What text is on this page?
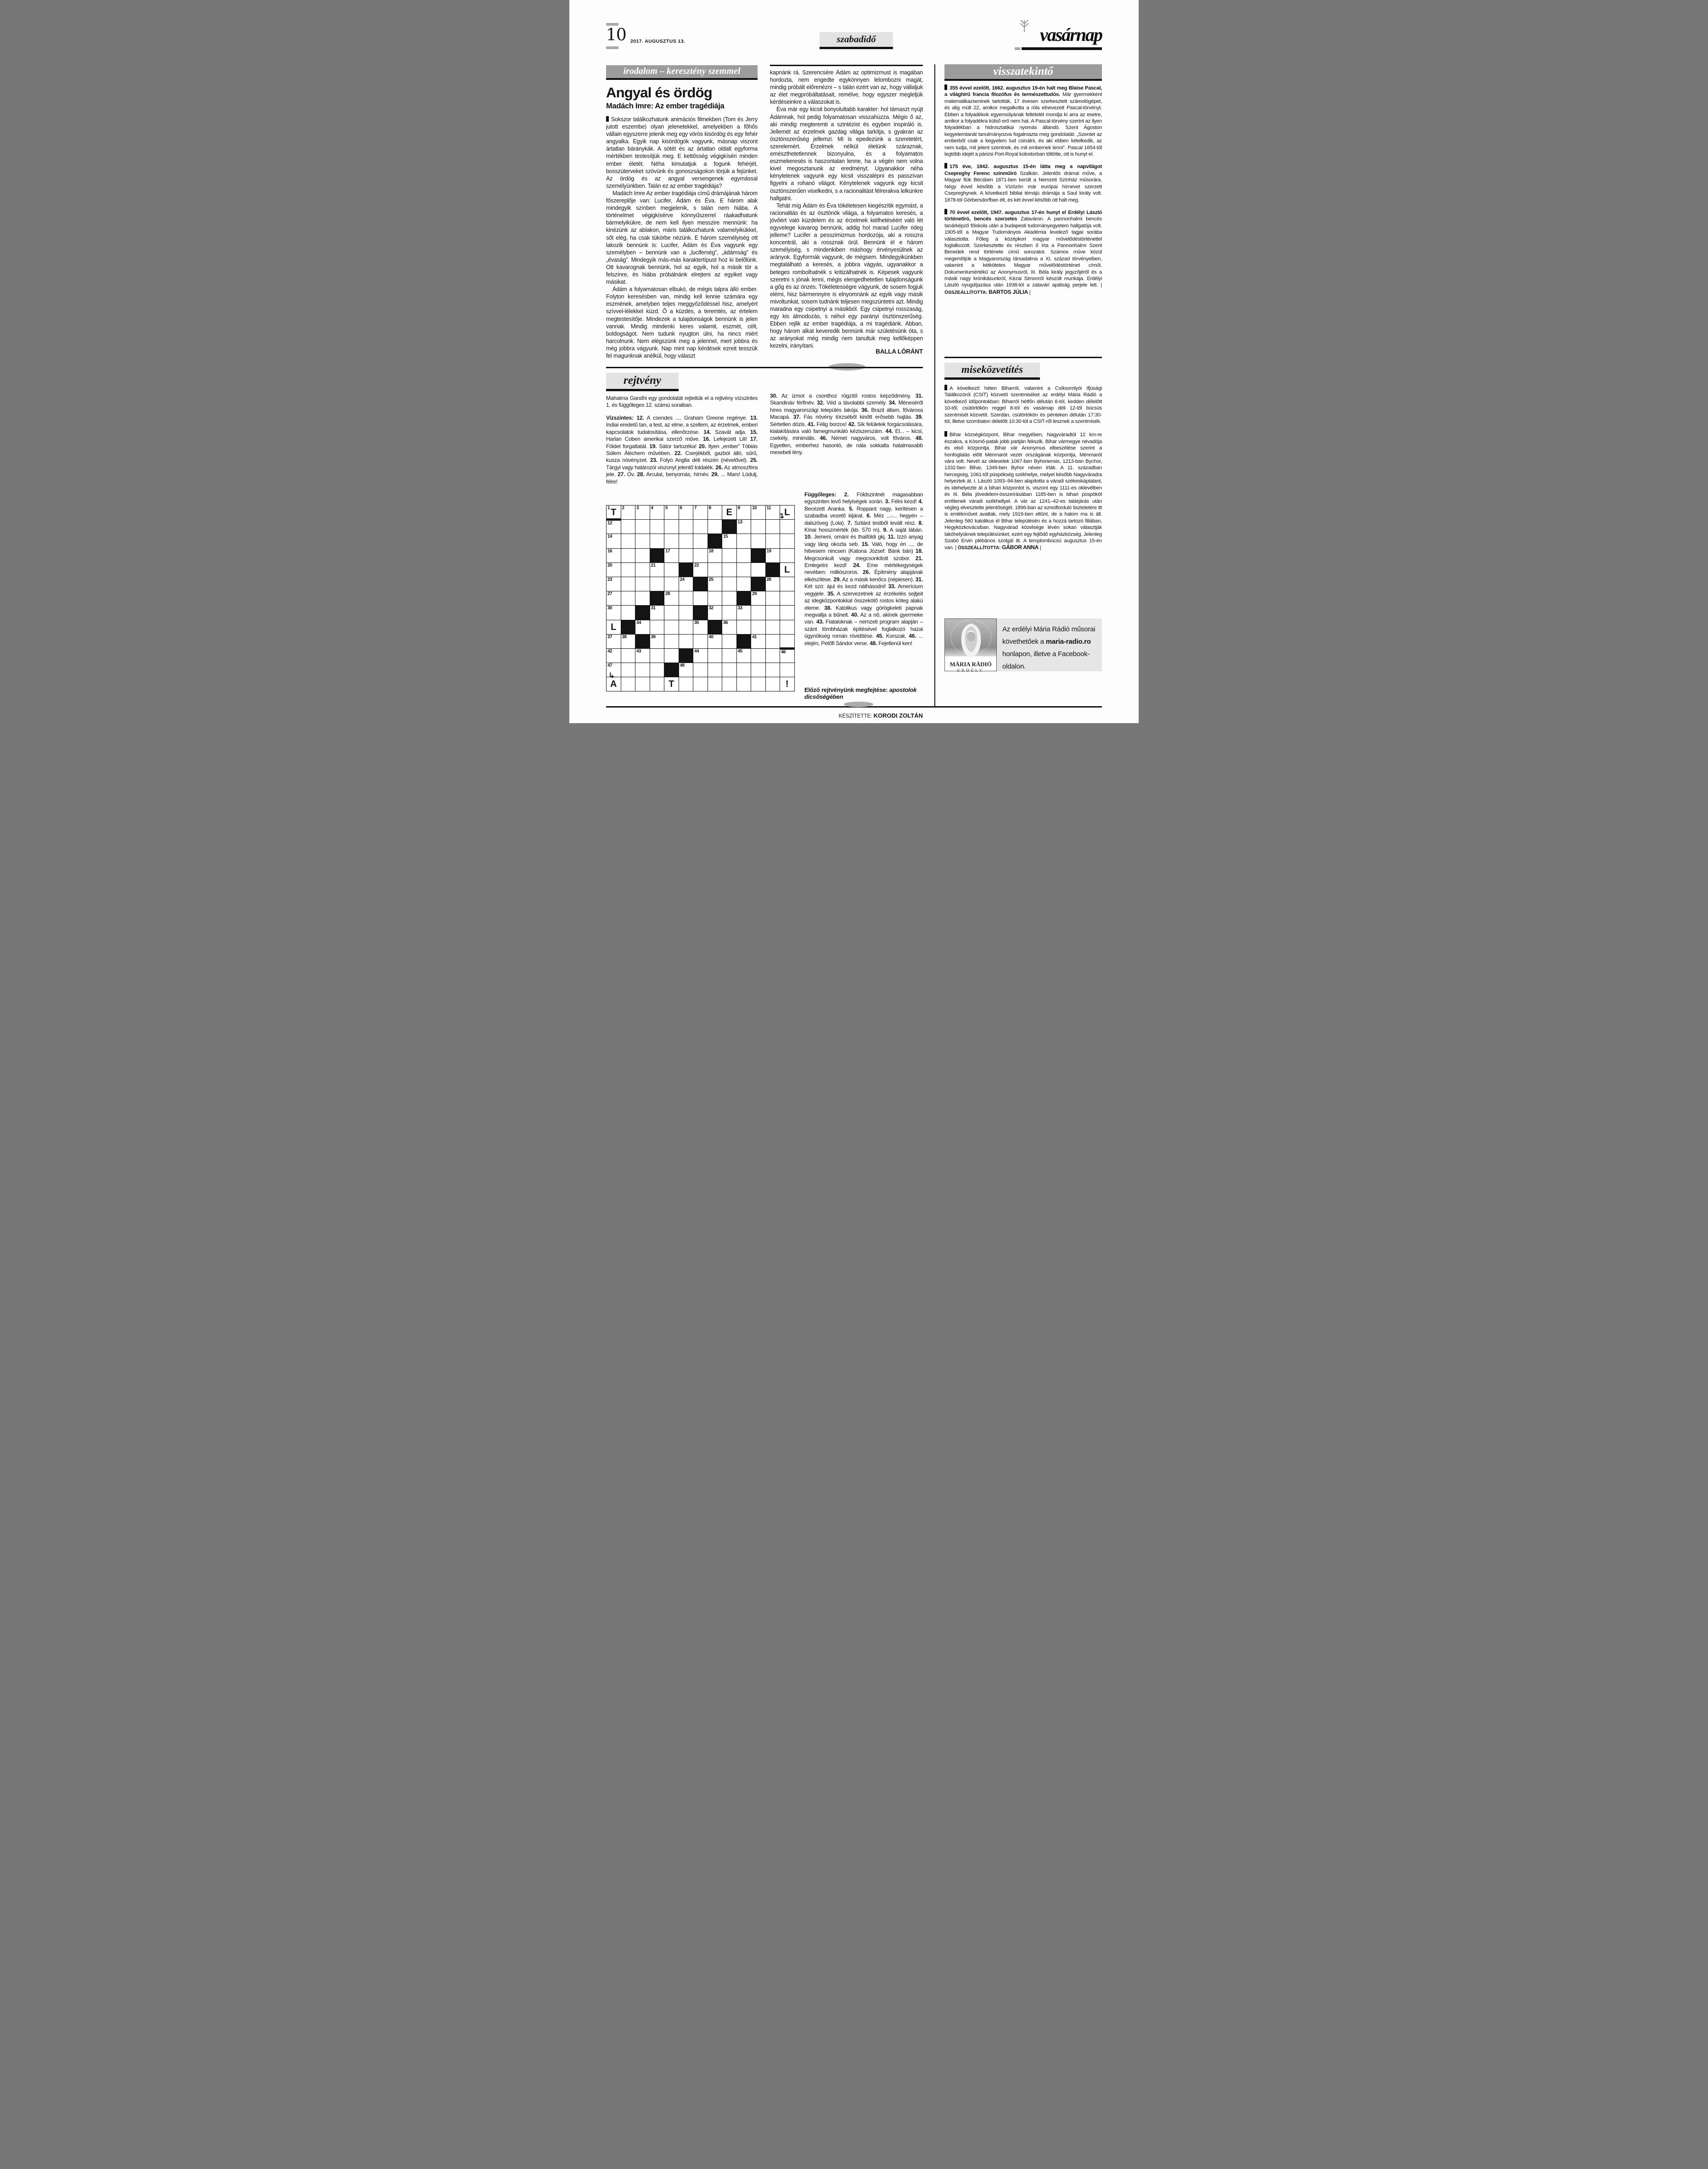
10 2017. AUGUSZTUS 13.	szabadidő	vasárnap
irodalom – keresztény szemmel
Angyal és ördög
Madách Imre: Az ember tragédiája

Sokszor találkozhatunk animációs filmekben (Tom és Jerry jutott eszembe) olyan jelenetekkel, amelyekben a főhős vállain egyszerre jelenik meg egy vörös kisördög és egy fehér angyalka. Egyik nap kisördögök vagyunk, másnap viszont ártatlan báránykák. A sötét és az ártatlan oldalt egyforma mértékben testesítjük meg. E kettősség végigkíséri minden ember életét. Néha kimutatjuk a fogunk fehérjét, bosszúterveket szövünk és gonoszságokon törjük a fejünket. Az ördög és az angyal versengenek egymással személyünkben. Talán ez az ember tragédiája?

Madách Imre Az ember tragédiája című drámájának három főszereplője van: Lucifer, Ádám és Éva. E három alak mindegyik színben megjelenik, s talán nem hiába. A történelmet végigkísérve könnyűszerrel ráakadhatunk bármelyikükre, de nem kell ilyen messzire mennünk: ha kinézünk az ablakon, máris találkozhatunk valamelyikükkel, sőt elég, ha csak tükörbe nézünk. E három személyiség ott lakozik bennünk is: Lucifer, Ádám és Éva vagyunk egy személyben – bennünk van a „luciferség”, „ádámság” és „évaság”. Mindegyik más-más karaktertípust hoz ki belőlünk. Ott kavarognak bennünk, hol az egyik, hol a másik tör a felszínre, és hiába próbálnánk elrejteni az egyiket vagy másikat.

Ádám a folyamatosan elbukó, de mégis talpra álló ember. Folyton keresésben van, mindig kell lennie számára egy eszmének, amelyben teljes meggyőződéssel hisz, amelyért szívvel-lélekkel küzd. Ő a küzdés, a teremtés, az értelem megtestesítője. Mindezek a tulajdonságok bennünk is jelen vannak. Mindig mindenki keres valamit, eszmét, célt, boldogságot. Nem tudunk nyugton ülni, ha nincs miért harcolnunk. Nem elégszünk meg a jelennel, mert jobbra és még jobbra vágyunk. Nap mint nap kérdések ezreit tesszük fel magunknak anélkül, hogy választ

kapnánk rá. Szerencsére Ádám az optimizmust is magában hordozta, nem engedte egykönnyen lelombozni magát, mindig próbált előrenézni – s talán ezért van az, hogy vállaljuk az élet megpróbáltatásait, remélve, hogy egyszer megleljük kérdéseinkre a válaszokat is.

Éva már egy kicsit bonyolultabb karakter: hol támaszt nyújt Ádámnak, hol pedig folyamatosan visszahúzza. Mégis ő az, aki mindig megteremti a szintézist és egyben inspiráló is. Jellemét az érzelmek gazdag világa tarkítja, s gyakran az ösztönszerűség jellemzi. Mi is epedezünk a szeretetért, szerelemért. Érzelmek nélkül életünk száraznak, emészthetetlennek bizonyulna, és a folyamatos eszmekeresés is haszontalan lenne, ha a végén nem volna kivel megosztanunk az eredményt. Ugyanakkor néha kénytelenek vagyunk egy kicsit visszalépni és passzívan figyelni a rohanó világot. Kénytelenek vagyunk egy kicsit ösztönszerűen viselkedni, s a racionalitást félrerakva lelkünkre hallgatni.

Tehát míg Ádám és Éva tökéletesen kiegészítik egymást, a racionalitás és az ösztönök világa, a folyamatos keresés, a jövőért való küzdelem és az érzelmek kiélhetéséért való lét egyvelege kavarog bennünk, addig hol marad Lucifer rideg jelleme? Lucifer a pesszimizmus hordozója, aki a rosszra koncentrál, aki a rossznak örül. Bennünk él e három személyiség, s mindenkiben máshogy érvényesülnek az arányok. Egyformák vagyunk, de mégsem. Mindegyikünkben megtalálható a keresés, a jobbra vágyás, ugyanakkor a beteges rombolhatnék s kritizálhatnék is. Képesek vagyunk szeretni s jónak lenni, mégis elengedhetetlen tulajdonságunk a gőg és az önzés. Tökéletességre vágyunk, de sosem fogjuk elérni, hisz bármennyire is elnyomnánk az egyik vagy másik mivoltunkat, sosem tudnánk teljesen megszüntetni azt. Mindig maradna egy csipetnyi a másikból. Egy csipetnyi rosszaság, egy kis álmodozás, s néhol egy parányi ösztönszerűség. Ebben rejlik az ember tragédiája, a mi tragédiánk. Abban, hogy három alkat keveredik bennünk már születésünk óta, s az arányokat még mindig nem tanultuk meg kellőképpen kezelni, irányítani.

BALLA LÓRÁNT
visszatekintő

355 évvel ezelőtt, 1662. augusztus 19-én halt meg Blaise Pascal, a világhírű francia filozófus és természettudós. Már gyermekként matematikazseninek tartották, 17 évesen szerkesztett számológépet, és alig múlt 22, amikor megalkotta a róla elnevezett Pascal-törvényt. Ebben a folyadékok egyensúlyának feltételét mondja ki arra az esetre, amikor a folyadékra külső erő nem hat. A Pascal-törvény szerint az ilyen folyadékban a hidrosztatikai nyomás állandó. Szent Ágoston kegyelemtanát tanulmányozva fogalmazta meg gondolatát: „Szentet az emberből csak a kegyelem tud csinálni, és aki ebben kételkedik, az nem tudja, mit jelent szentnek, és mit embernek lenni”. Pascal 1654-től legtöbb idejét a párizsi Port-Royal kolostorban töltötte, ott is hunyt el.

175 éve, 1842. augusztus 15-én látta meg a napvilágot Csepreghy Ferenc színműíró Szalkán. Jelentős drámai műve, a Magyar fiúk Bécsben 1871-ben került a Nemzeti Színház műsorára. Négy évvel később a Vízözön már európai hírnevet szerzett Csepreghynek. A következő bibliai témájú drámája a Saul király volt. 1878-tól Görbersdorfban élt, és két évvel később ott halt meg.

70 évvel ezelőtt, 1947. augusztus 17-én hunyt el Erdélyi László történetíró, bencés szerzetes Zalaváron. A pannonhalmi bencés tanárképző főiskola után a budapesti tudományegyetem hallgatója volt. 1905-től a Magyar Tudományos Akadémia levelező tagjai sorába választotta. Főleg a középkori magyar művelődéstörténettel foglalkozott. Szerkesztette és részben ő írta a Pannonhalmi Szent Benedek rend története című sorozatot. Számos műve közül megemlítjük a Magyarország társadalma a XI. század törvényeiben, valamint a kétkötetes Magyar művelődéstörténet címűt. Dokumentumértékű az Anonymusról, III. Béla király jegyzőjéről és a másik nagy krónikásunkról, Kézai Simonról készült munkája. Erdélyi László nyugdíjazása után 1938-tól a zalavári apátság perjele lett. | ÖSSZEÁLLÍTOTTA: BARTOS JÚLIA |

miseközvetítés

A következő héten Biharról, valamint a Csíksomlyói Ifjúsági Találkozóról (CSIT) közvetít szentmiséket az erdélyi Mária Rádió a következő időpontokban: Biharról hétfőn délután 6-tól, kedden délelőtt 10-től, csütörtökön reggel 8-tól és vasárnap déli 12-től búcsús szentmisét közvetít. Szerdán, csütörtökön és pénteken délután 17:30-tól, illetve szombaton délelőtt 10:30-tól a CSIT-ről lesznek a szentmisék.

Bihar községközpont, Bihar megyében, Nagyváradtól 12 km-re északra, a Kösmő-patak jobb partján fekszik. Bihar vármegye névadója és első központja. Bihar vár Anonymus elbeszélése szerint a honfoglalás előtt Ménmarót vezér országának központja, Ménmarót vára volt. Nevét az oklevelek 1067-ben Byhoriensis, 1213-ban Bychor, 1332-ben Bihar, 1349-ben Byhor néven írták. A 11. században hercegség, 1061-től püspökség székhelye, melyet később Nagyváradra helyeztek át. I. László 1093–94-ben alapította a váradi székeskáptalant, és idehelyezte át a bihari központot is, viszont egy 1111-es oklevélben és III. Béla jövedelem-összeírásában 1185-ben is bihari püspököt említenek váradi székhellyel. A vár az 1241–42-es tatárjárás után végleg elvesztette jelentőségét. 1896-ban az ezredforduló tiszteletére itt is emlékművet avattak, mely 1919-ben eltűnt, de a halom ma is áll. Jelenleg 560 katolikus él Bihar településén és a hozzá tartozó filiában, Hegyközkovácsiban. Nagyvárad közelsége lévén sokan választják lakóhelyüknek településünket, ezért egy fejlődő egyházközség. Jelenleg Szabó Ervin plébános szolgál itt. A templombúcsú augusztus 15-én van. | ÖSSZEÁLLÍTOTTA: GÁBOR ANNA |

MÁRIA RÁDIÓ
ERDÉLY
Az erdélyi Mária Rádió műsorai követhetőek a maria-radio.ro honlapon, illetve a Facebook-oldalon.
rejtvény
Mahatma Gandhi egy gondolatát rejtettük el a rejtvény vízszintes 1. és függőleges 12. számú soraiban.
Vízszintes: 12. A csendes ..., Graham Greene regénye. 13. Indiai eredetű tan, a test, az elme, a szellem, az érzelmek, emberi kapcsolatok tudatosítása, ellenőrzése. 14. Szavát adja. 15. Harlan Coben amerikai szerző műve. 16. Lefejezett Lili! 17. Földet forgattatál. 19. Sátor tartozéka! 20. Ilyen „ember” Tóbiás Sólem Áléchem művében. 22. Cserjékből, gazból álló, sűrű, kusza növényzet. 23. Folyó Anglia déli részén (névelővel). 25. Tárgyi vagy határozói viszonyt jelentő toldalék. 26. Az atmoszféra jele. 27. Óv. 28. Arculat, benyomás, hírnév. 29. ... Mars! Lódulj, félre!
30. Az izmot a csonthoz rögzítő rostos képződmény. 31. Skandináv férfinév. 32. Véd a távolabbi személy. 34. Méneséről híres magyarországi település lakója. 36. Brazil állam, fővárosa Macapá. 37. Fás növény törzséből kinőtt erősebb hajtás. 39. Sértetlen dózis. 41. Félig borzos! 42. Sík felületek forgácsolására, kialakítására való famegmunkáló kéziszerszám. 44. El... – kicsi, csekély, minimális. 46. Német nagyváros, volt főváros. 48. Egyetlen, emberhez hasonló, de nála sokkalta hatalmasabb mesebeli lény.
Függőleges: 2. Földszintnél magasabban egyszinten levő helyiségek során. 3. Félni kezd! 4. Becézett Aranka. 5. Roppant nagy, kerítésen a szabadba vezető kijárat. 6. Méz ...-... hegyén – dalszöveg (Lola). 7. Szilárd testből levált rész. 8. Kínai hosszmérték (kb. 570 m). 9. A saját lábán. 10. Jemeni, ománi és thaiföldi gkj. 11. Izzó anyag vagy láng okozta seb. 15. Való, hogy én ..., de hitvesem nincsen (Katona József: Bánk bán) 18. Megcsonkult vagy megcsonkított szobor. 21. Emlegetni kezd! 24. Eme mértékegységek nevében: milliószoros. 26. Építmény alapjának elkészítése. 29. Az a másik kenőcs (népiesen). 31. Két szó: ájul és kezd náthásodni! 33. Amerícium vegyjele. 35. A szervezetnek az érzékelés sejtjeit az idegközpontokkal összekötő rostos köteg alakú eleme. 38. Katolikus vagy görögkeleti papnak megvallja a bűneit. 40. Az a nő, akinek gyermeke van. 43. Fiataloknak – nemzeti program alapján – szánt tömbházak építésével foglalkozó hazai ügynökség román rövidítése. 45. Korszak. 46. ... elején, Petőfi Sándor verse. 48. Fejetlenül ken!
Előző rejtvényünk megfejtése: apostolok dicsőségében
KÉSZÍTETTE: KORODI ZOLTÁN
1 T	2	3	4	5	6	7	8	E	9	10	11	L

12									13			

14								15				

16				17			18				19	

20			21			22						L

23					24		25				26	

27				28						29		

30			31				32		33			

L		34				35		36				

37	38		39				40			41		

42		43				44			45			46

47					48							

A				T								!
↴
↳
